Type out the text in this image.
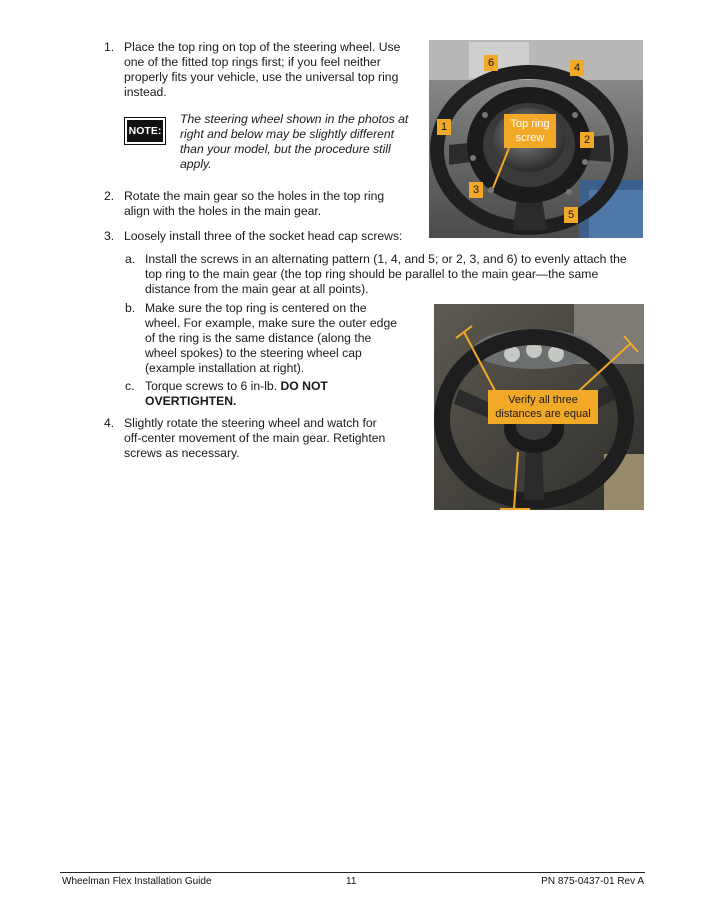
1. Place the top ring on top of the steering wheel. Use
one of the fitted top rings first; if you feel neither
properly fits your vehicle, use the universal top ring
instead.
NOTE:
The steering wheel shown in the photos at
right and below may be slightly different
than your model, but the procedure still
apply.
2. Rotate the main gear so the holes in the top ring
align with the holes in the main gear.
3. Loosely install three of the socket head cap screws:
a. Install the screws in an alternating pattern (1, 4, and 5; or 2, 3, and 6) to evenly attach the
top ring to the main gear (the top ring should be parallel to the main gear—the same
distance from the main gear at all points).
b. Make sure the top ring is centered on the
wheel. For example, make sure the outer edge
of the ring is the same distance (along the
wheel spokes) to the steering wheel cap
(example installation at right).
c. Torque screws to 6 in-lb. DO NOT
OVERTIGHTEN.
4. Slightly rotate the steering wheel and watch for
off-center movement of the main gear. Retighten
screws as necessary.
6	4
1
2
3
5
Top ring
screw
Verify all three
distances are equal
Wheelman Flex Installation Guide	11	PN 875-0437-01 Rev A
